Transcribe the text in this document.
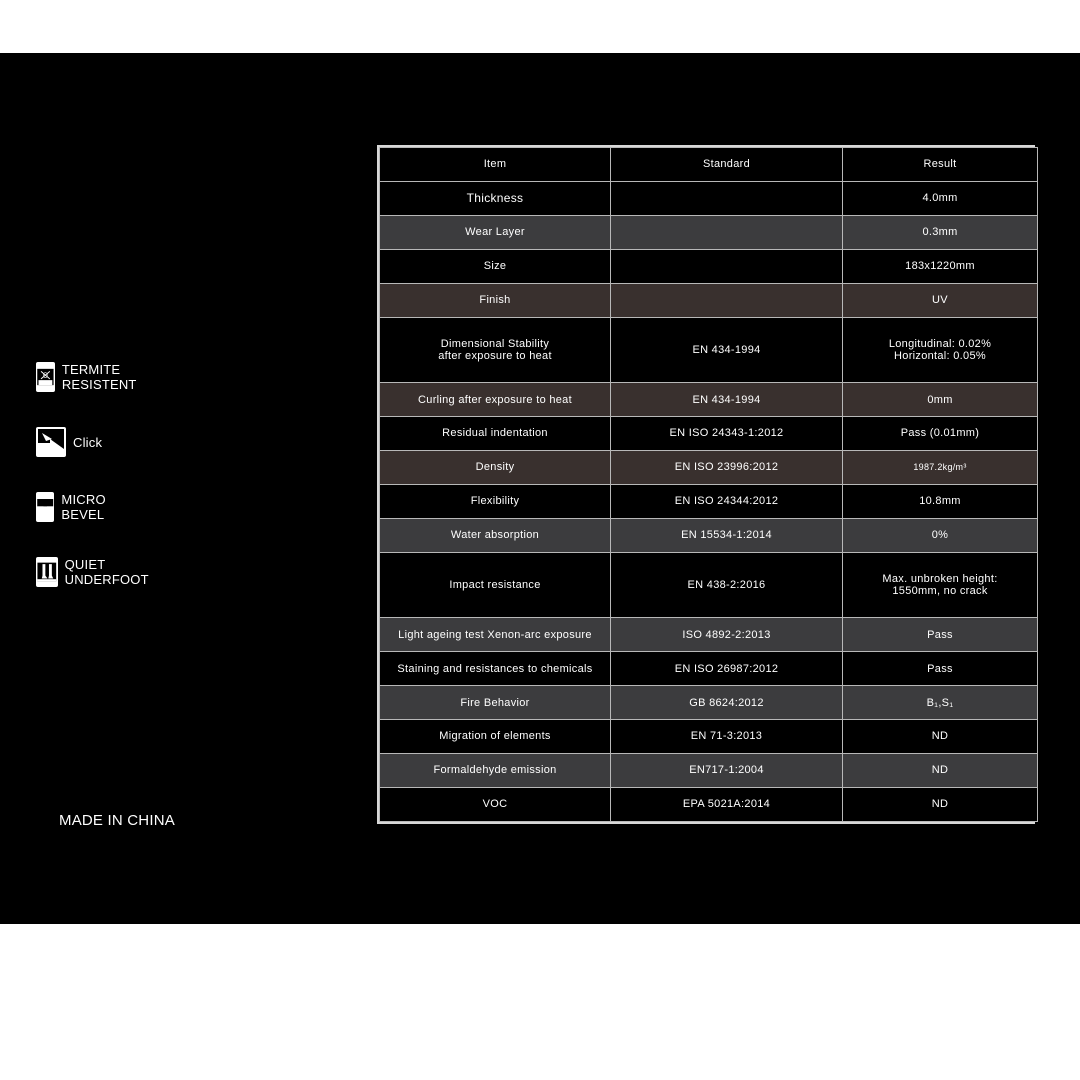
TERMITE RESISTENT
Click
MICRO BEVEL
QUIET UNDERFOOT
MADE IN CHINA
Item	Standard	Result
Thickness		4.0mm
Wear Layer		0.3mm
Size		183x1220mm
Finish		UV

Dimensional Stability
after exposure to heat	EN 434-1994	Longitudinal: 0.02%
Horizontal: 0.05%

Curling after exposure to heat	EN 434-1994	0mm
Residual indentation	EN ISO 24343-1:2012	Pass (0.01mm)
Density	EN ISO 23996:2012	1987.2kg/m³
Flexibility	EN ISO 24344:2012	10.8mm
Water absorption	EN 15534-1:2014	0%
Impact resistance	EN 438-2:2016	Max. unbroken height:
1550mm, no crack

Light ageing test Xenon-arc exposure	ISO 4892-2:2013	Pass
Staining and resistances to chemicals	EN ISO 26987:2012	Pass
Fire Behavior	GB 8624:2012	B₁,S₁
Migration of elements	EN 71-3:2013	ND
Formaldehyde emission	EN717-1:2004	ND
VOC	EPA 5021A:2014	ND
